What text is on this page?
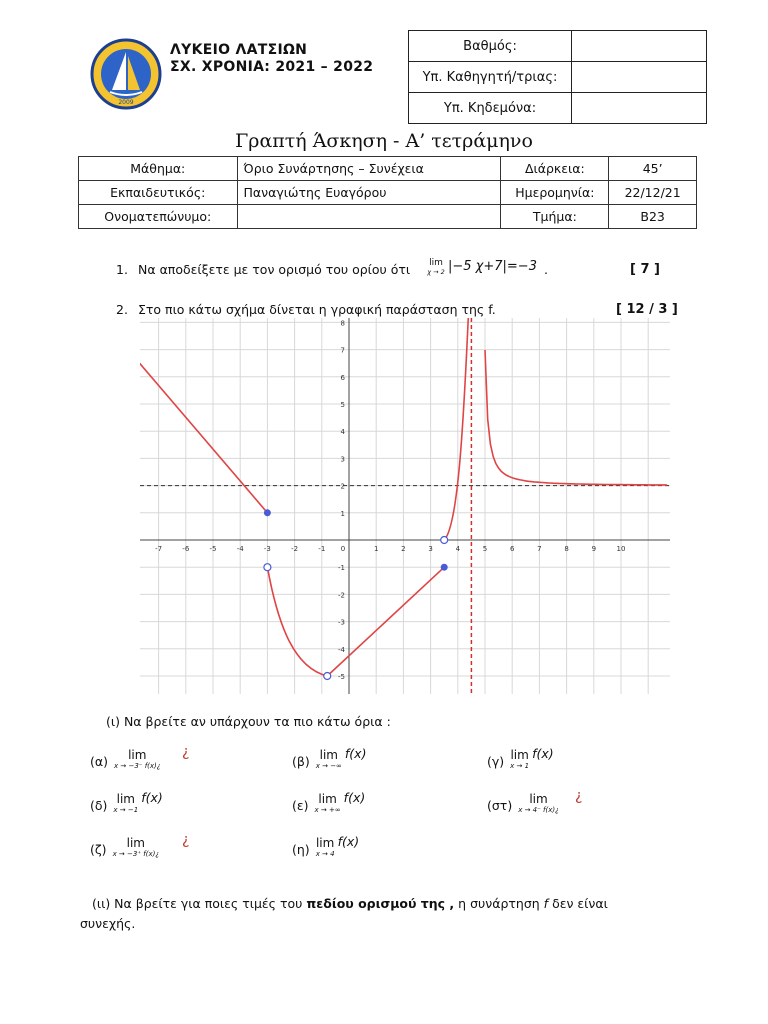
2009
ΛΥΚΕΙΟ ΛΑΤΣΙΩΝ
ΣΧ. ΧΡΟΝΙΑ: 2021 – 2022
Βαθμός:	
Υπ. Καθηγητή/τριας:	
Υπ. Κηδεμόνα:	
Γραπτή Άσκηση - Α’ τετράμηνο
Μάθημα:	Όριο Συνάρτησης – Συνέχεια	Διάρκεια:	45’
Εκπαιδευτικός:	Παναγιώτης Ευαγόρου	Ημερομηνία:	22/12/21
Ονοματεπώνυμο:		Τμήμα:	Β23
1. Να αποδείξετε με τον ορισμό του ορίου ότι	lim
χ → 2 |−5 χ+7|=−3 .	[ 7 ]
2. Στο πιο κάτω σχήμα δίνεται η γραφική παράσταση της f.	[ 12 / 3 ]
-7	-6	-5	-4	-3	-2	-1 0	1	2	3	4	5	6	7	8	9	10
8
7
6
5
4
3
2
1
-1
-2
-3
-4
-5
(ι) Να βρείτε αν υπάρχουν τα πιο κάτω όρια :
(α)	lim
x → −3⁻ f(x)¿
¿
(β) lim
x → −∞
f(x)
(γ) lim
x → 1
f(x)
(δ) lim
x → −1
f(x)
(ε) lim
x → +∞
f(x)
(στ)	lim
x → 4⁻ f(x)¿
¿
(ζ)	lim
x → −3⁺ f(x)¿
¿
(η) lim
x → 4
f(x)
(ιι) Να βρείτε για ποιες τιμές του πεδίου ορισμού της , η συνάρτηση f δεν είναι
συνεχής.
